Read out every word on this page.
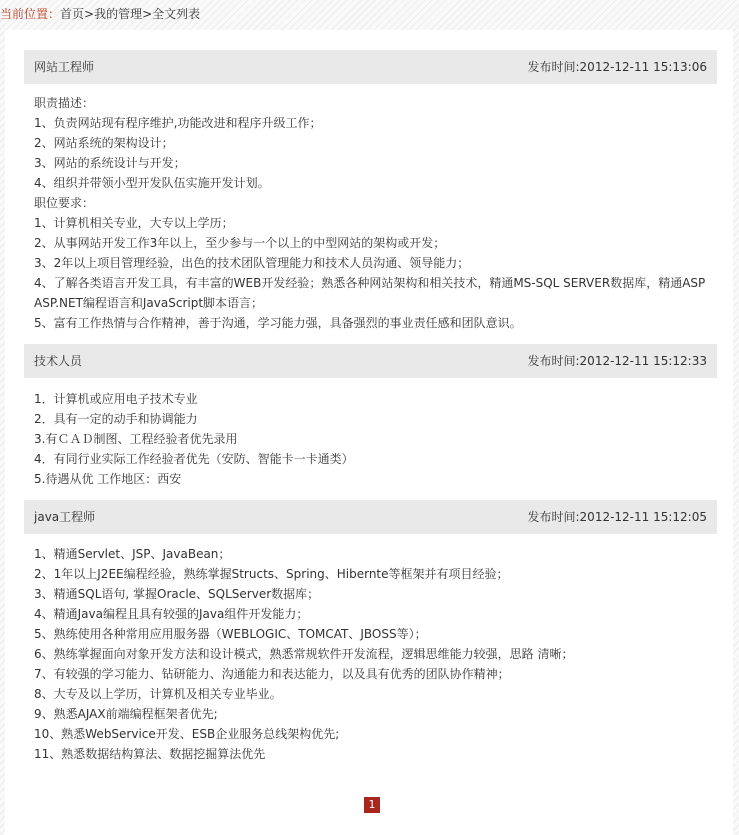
当前位置：首页>我的管理>全文列表
网站工程师	发布时间:2012-12-11 15:13:06
职责描述：
1、负责网站现有程序维护,功能改进和程序升级工作；
2、网站系统的架构设计；
3、网站的系统设计与开发；
4、组织并带领小型开发队伍实施开发计划。
职位要求：
1、计算机相关专业，大专以上学历；
2、从事网站开发工作3年以上，至少参与一个以上的中型网站的架构或开发；
3、2年以上项目管理经验，出色的技术团队管理能力和技术人员沟通、领导能力；
4、了解各类语言开发工具，有丰富的WEB开发经验；熟悉各种网站架构和相关技术，精通MS-SQL SERVER数据库，精通ASP
ASP.NET编程语言和JavaScript脚本语言；
5、富有工作热情与合作精神，善于沟通，学习能力强，具备强烈的事业责任感和团队意识。
技术人员	发布时间:2012-12-11 15:12:33
1．计算机或应用电子技术专业
2．具有一定的动手和协调能力
3.有ＣＡＤ制图、工程经验者优先录用
4．有同行业实际工作经验者优先（安防、智能卡一卡通类）
5.待遇从优 工作地区：西安
java工程师	发布时间:2012-12-11 15:12:05
1、精通Servlet、JSP、JavaBean；
2、1年以上J2EE编程经验，熟练掌握Structs、Spring、Hibernte等框架并有项目经验；
3、精通SQL语句, 掌握Oracle、SQLServer数据库；
4、精通Java编程且具有较强的Java组件开发能力；
5、熟练使用各种常用应用服务器（WEBLOGIC、TOMCAT、JBOSS等）；
6、熟练掌握面向对象开发方法和设计模式，熟悉常规软件开发流程，逻辑思维能力较强，思路 清晰；
7、有较强的学习能力、钻研能力、沟通能力和表达能力，以及具有优秀的团队协作精神；
8、大专及以上学历，计算机及相关专业毕业。
9、熟悉AJAX前端编程框架者优先;
10、熟悉WebService开发、ESB企业服务总线架构优先;
11、熟悉数据结构算法、数据挖掘算法优先
1
